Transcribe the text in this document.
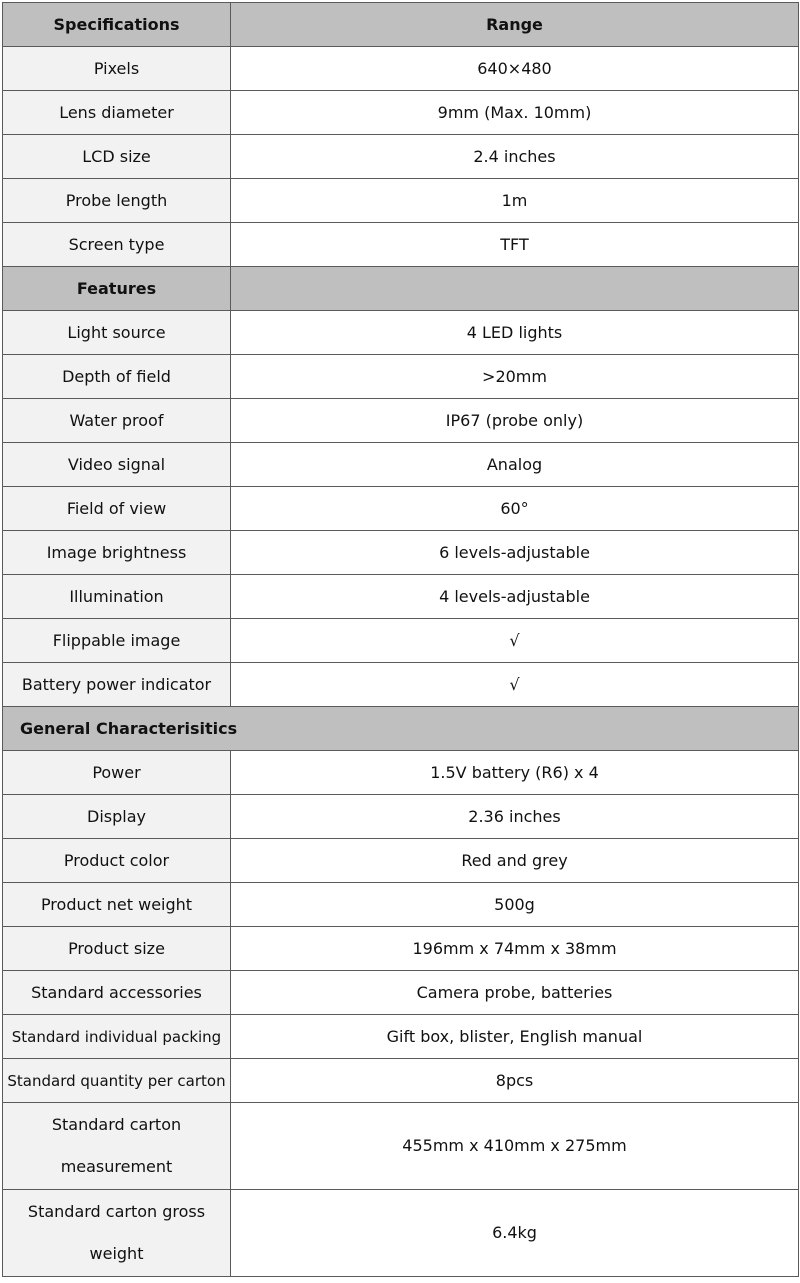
Specifications	Range
Pixels	640×480
Lens diameter	9mm (Max. 10mm)
LCD size	2.4 inches
Probe length	1m
Screen type	TFT
Features	
Light source	4 LED lights
Depth of field	>20mm
Water proof	IP67 (probe only)
Video signal	Analog
Field of view	60°
Image brightness	6 levels-adjustable
Illumination	4 levels-adjustable
Flippable image	√
Battery power indicator	√
General Characterisitics	
Power	1.5V battery (R6) x 4
Display	2.36 inches
Product color	Red and grey
Product net weight	500g
Product size	196mm x 74mm x 38mm
Standard accessories	Camera probe, batteries
Standard individual packing	Gift box, blister, English manual
Standard quantity per carton	8pcs
Standard carton measurement	455mm x 410mm x 275mm
Standard carton gross weight	6.4kg
